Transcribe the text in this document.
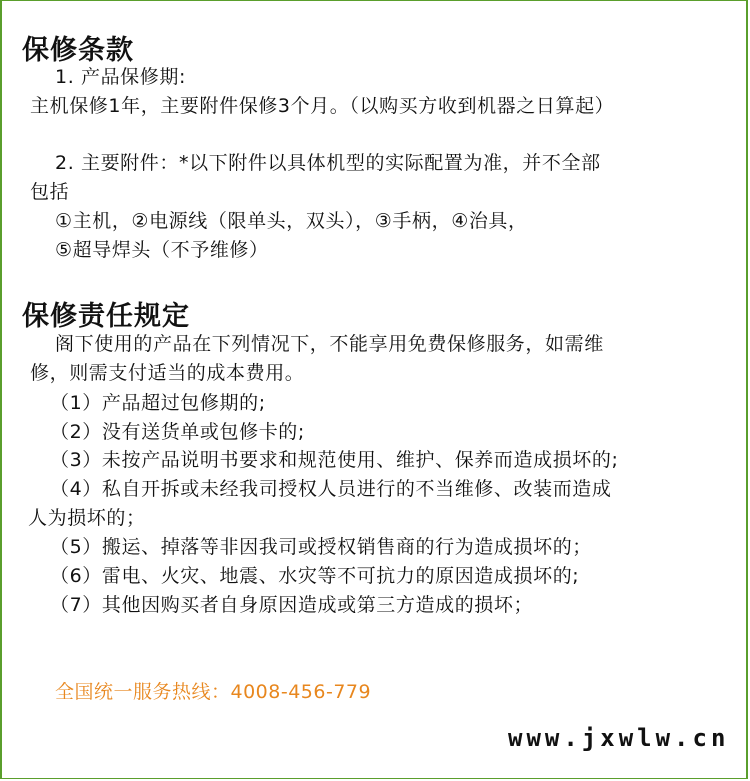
保修条款
1. 产品保修期:
主机保修1年，主要附件保修3个月。（以购买方收到机器之日算起）
2. 主要附件：*以下附件以具体机型的实际配置为准，并不全部
包括
①主机，②电源线（限单头，双头），③手柄，④治具，
⑤超导焊头（不予维修）
保修责任规定
阁下使用的产品在下列情况下，不能享用免费保修服务，如需维
修，则需支付适当的成本费用。
（1）产品超过包修期的;
（2）没有送货单或包修卡的;
（3）未按产品说明书要求和规范使用、维护、保养而造成损坏的;
（4）私自开拆或未经我司授权人员进行的不当维修、改装而造成
人为损坏的；
（5）搬运、掉落等非因我司或授权销售商的行为造成损坏的；
（6）雷电、火灾、地震、水灾等不可抗力的原因造成损坏的;
（7）其他因购买者自身原因造成或第三方造成的损坏；
全国统一服务热线：4008-456-779
www.jxwlw.cn
